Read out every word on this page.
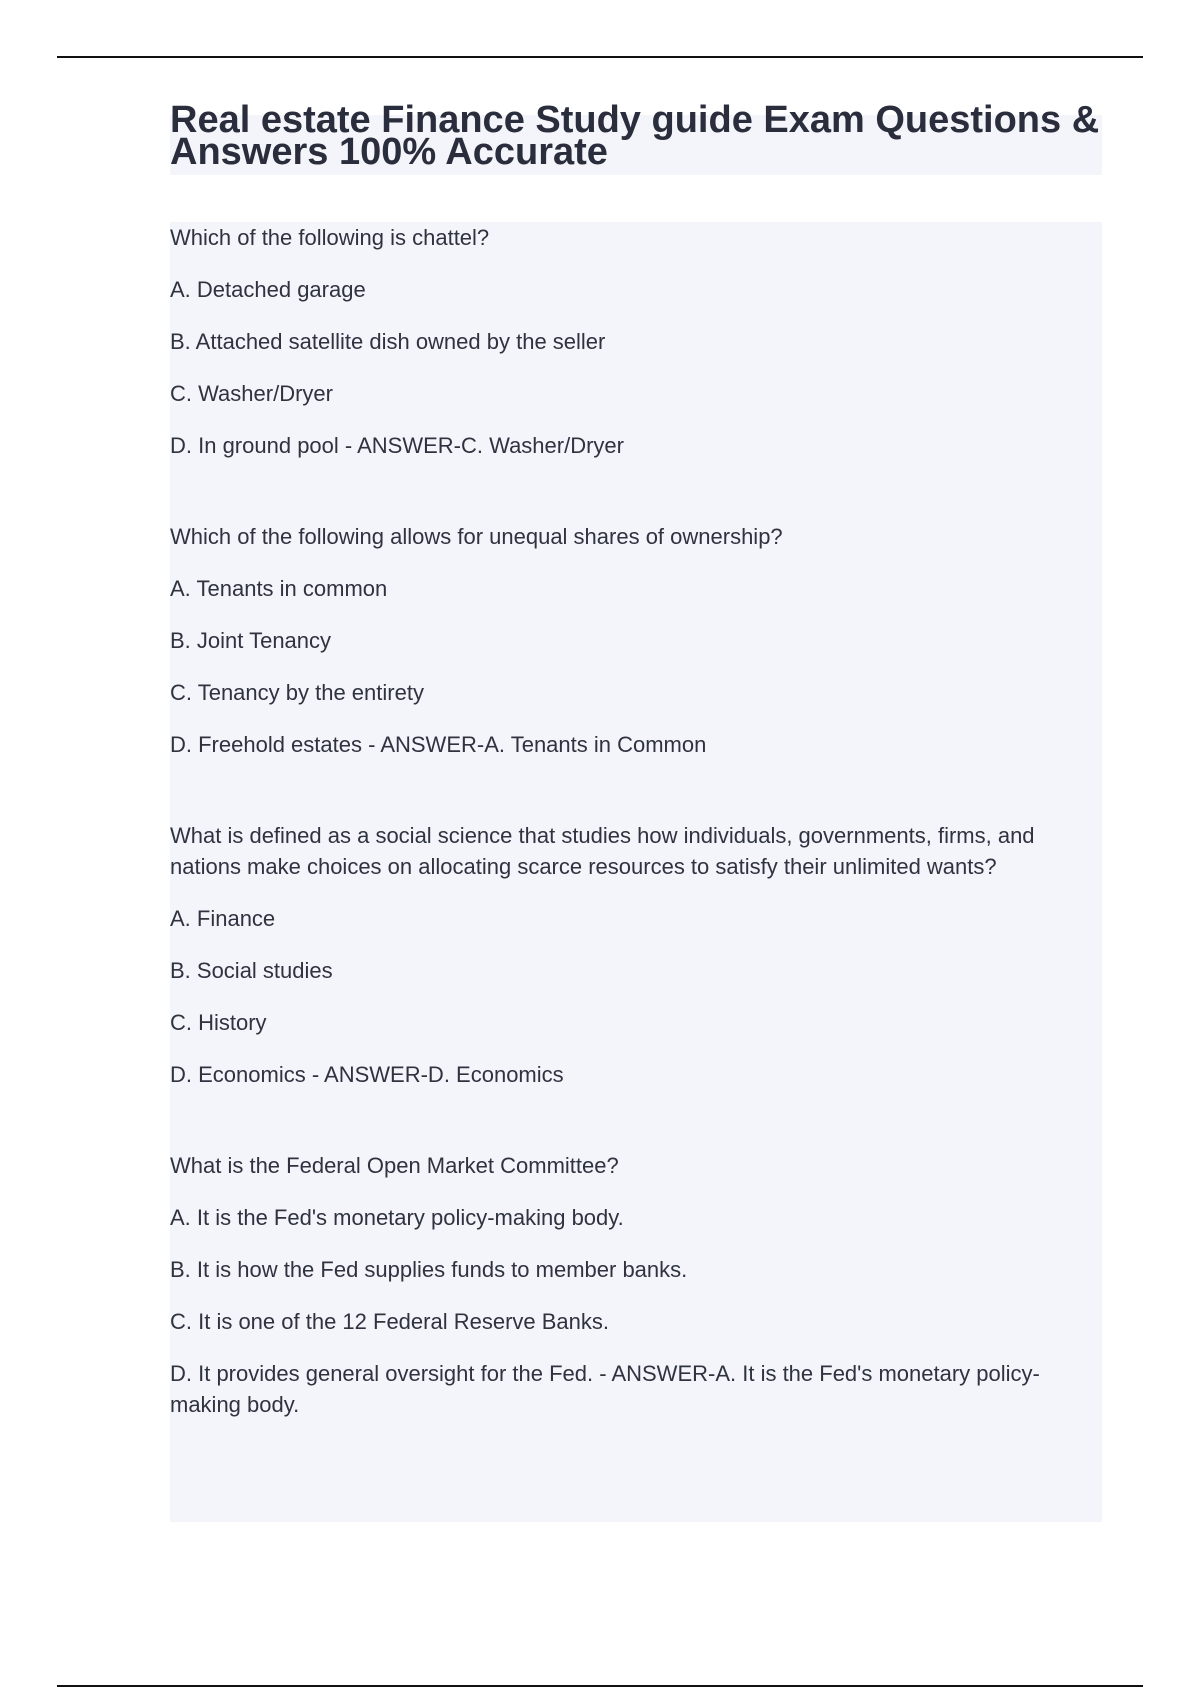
Real estate Finance Study guide Exam Questions & Answers 100% Accurate

Which of the following is chattel?

A. Detached garage

B. Attached satellite dish owned by the seller

C. Washer/Dryer

D. In ground pool - ANSWER-C. Washer/Dryer

Which of the following allows for unequal shares of ownership?

A. Tenants in common

B. Joint Tenancy

C. Tenancy by the entirety

D. Freehold estates - ANSWER-A. Tenants in Common

What is defined as a social science that studies how individuals, governments, firms, and nations make choices on allocating scarce resources to satisfy their unlimited wants?

A. Finance

B. Social studies

C. History

D. Economics - ANSWER-D. Economics

What is the Federal Open Market Committee?

A. It is the Fed's monetary policy-making body.

B. It is how the Fed supplies funds to member banks.

C. It is one of the 12 Federal Reserve Banks.

D. It provides general oversight for the Fed. - ANSWER-A. It is the Fed's monetary policy-making body.
